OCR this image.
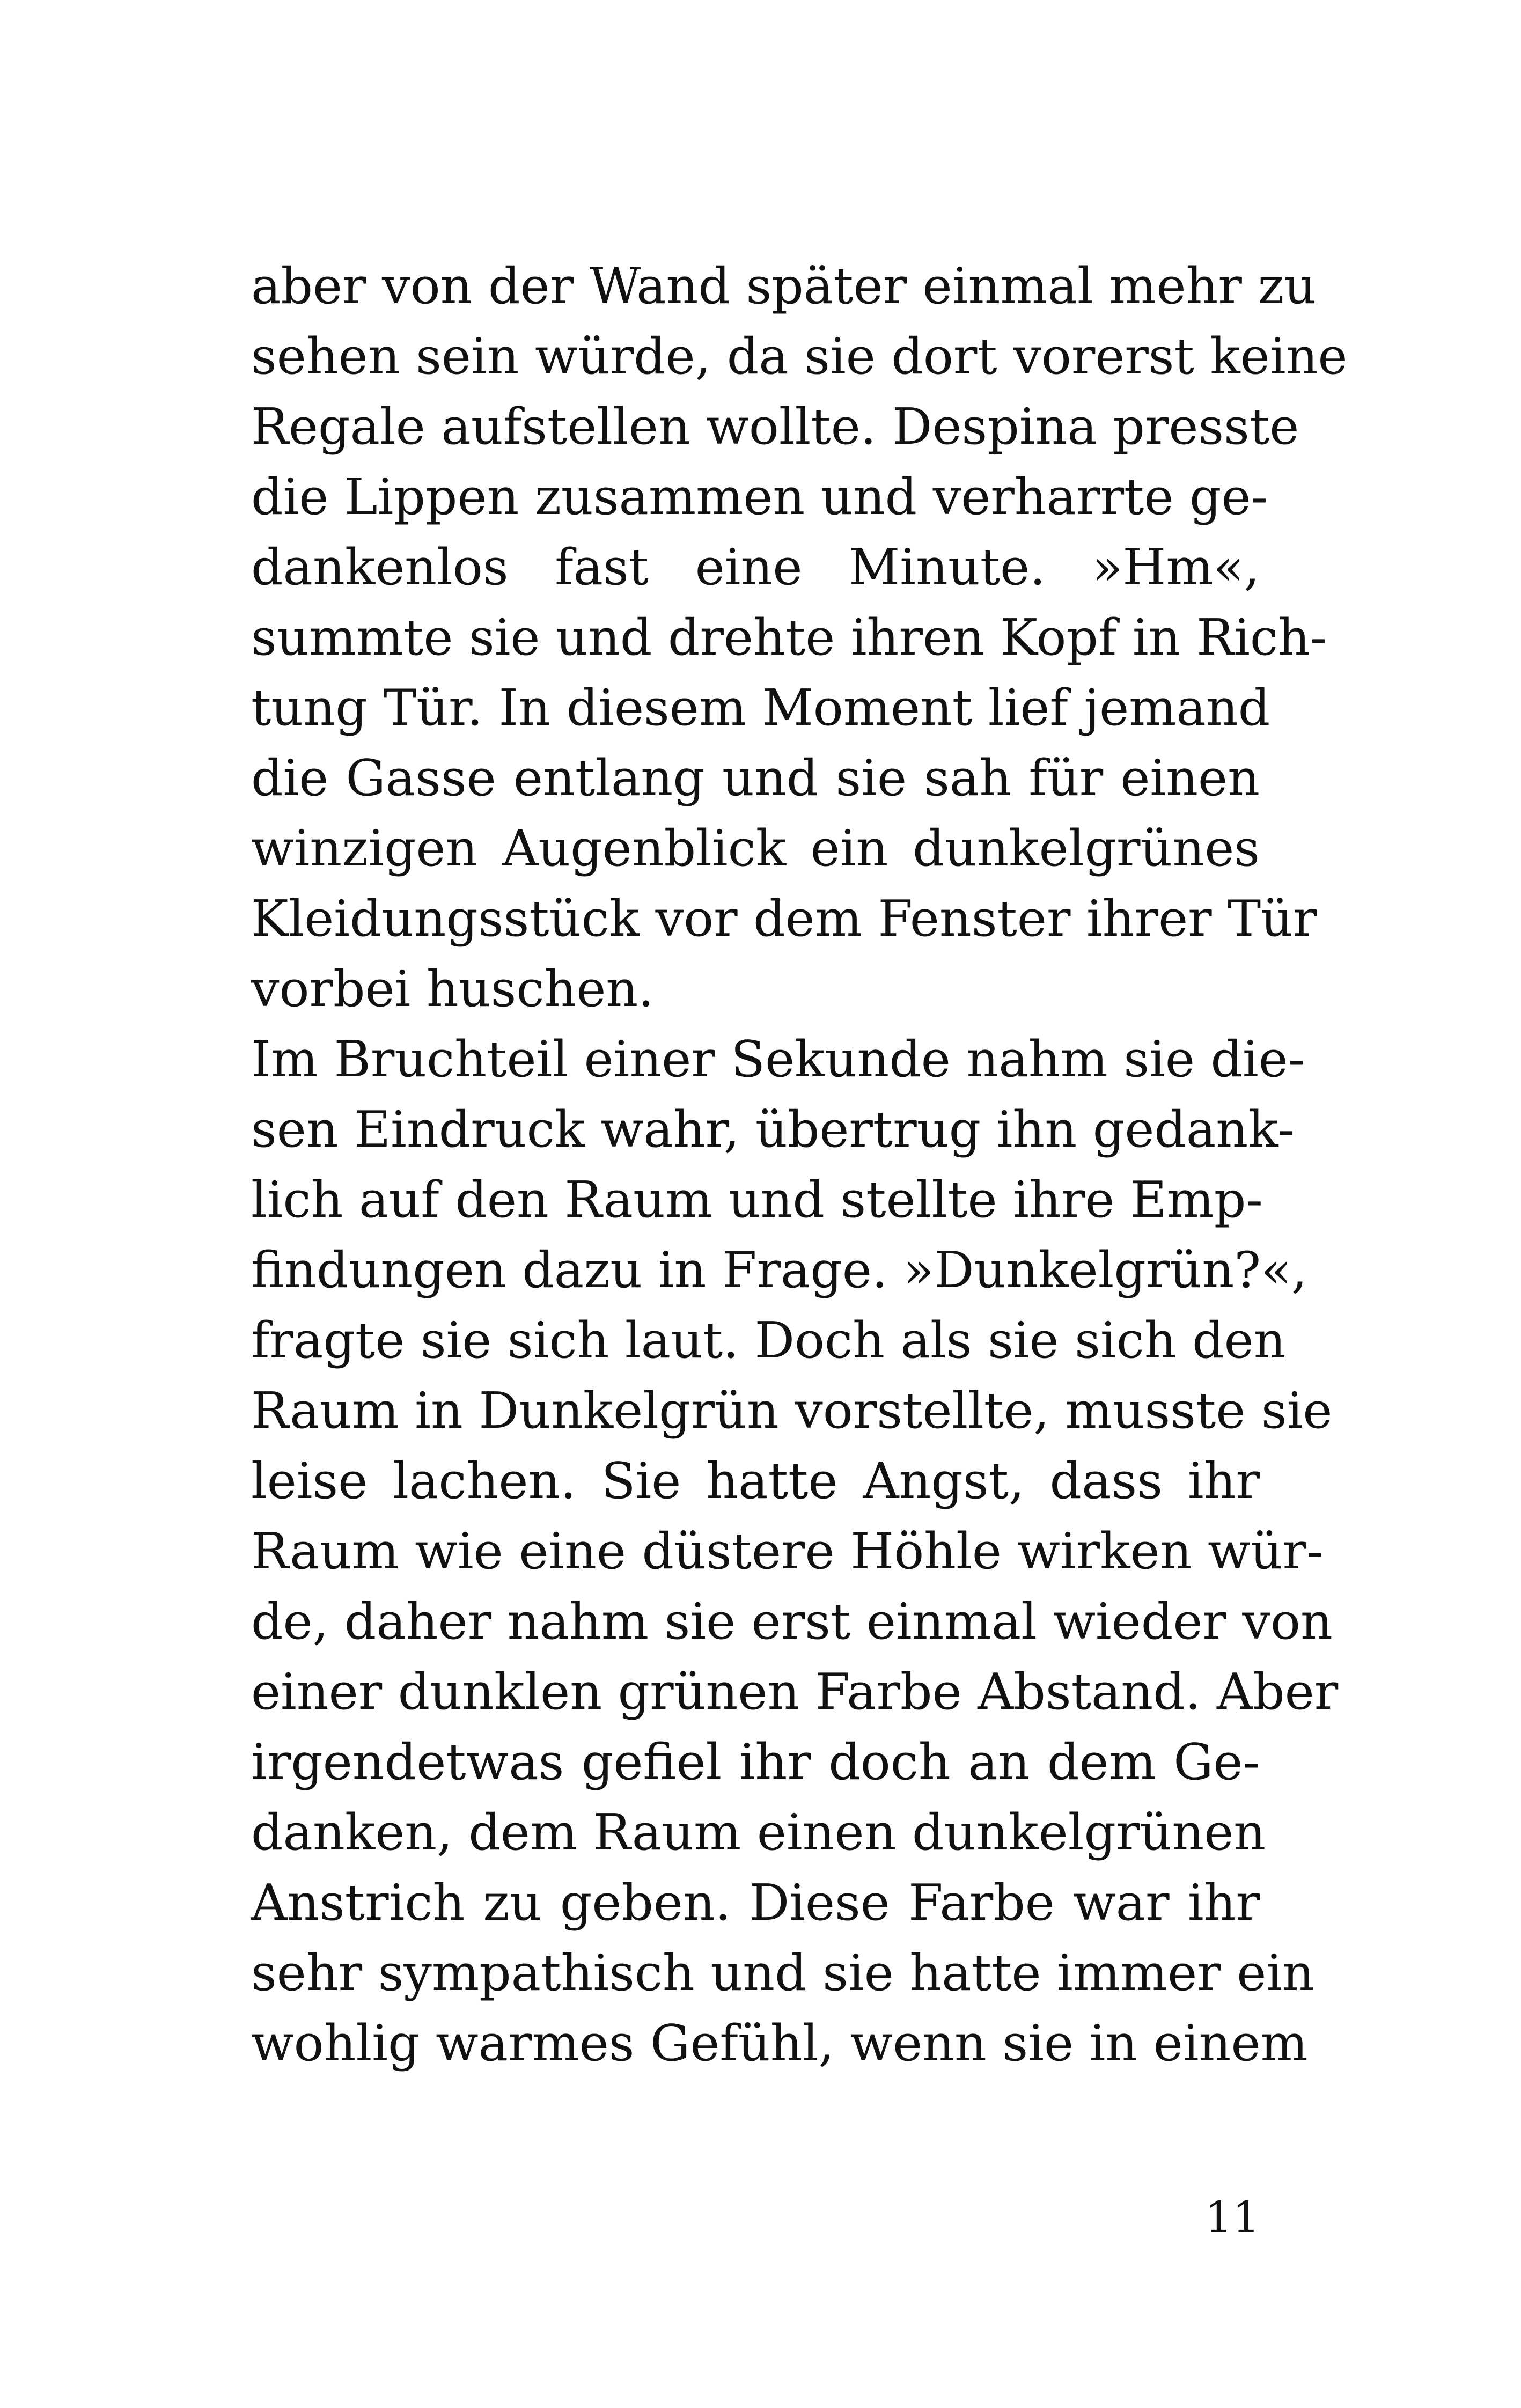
aber von der Wand später einmal mehr zu
sehen sein würde, da sie dort vorerst keine
Regale aufstellen wollte. Despina presste
die Lippen zusammen und verharrte ge-
dankenlos fast eine Minute. »Hm«,
summte sie und drehte ihren Kopf in Rich-
tung Tür. In diesem Moment lief jemand
die Gasse entlang und sie sah für einen
winzigen Augenblick ein dunkelgrünes
Kleidungsstück vor dem Fenster ihrer Tür
vorbei huschen.
Im Bruchteil einer Sekunde nahm sie die-
sen Eindruck wahr, übertrug ihn gedank-
lich auf den Raum und stellte ihre Emp-
findungen dazu in Frage. »Dunkelgrün?«,
fragte sie sich laut. Doch als sie sich den
Raum in Dunkelgrün vorstellte, musste sie
leise lachen. Sie hatte Angst, dass ihr
Raum wie eine düstere Höhle wirken wür-
de, daher nahm sie erst einmal wieder von
einer dunklen grünen Farbe Abstand. Aber
irgendetwas gefiel ihr doch an dem Ge-
danken, dem Raum einen dunkelgrünen
Anstrich zu geben. Diese Farbe war ihr
sehr sympathisch und sie hatte immer ein
wohlig warmes Gefühl, wenn sie in einem
11
